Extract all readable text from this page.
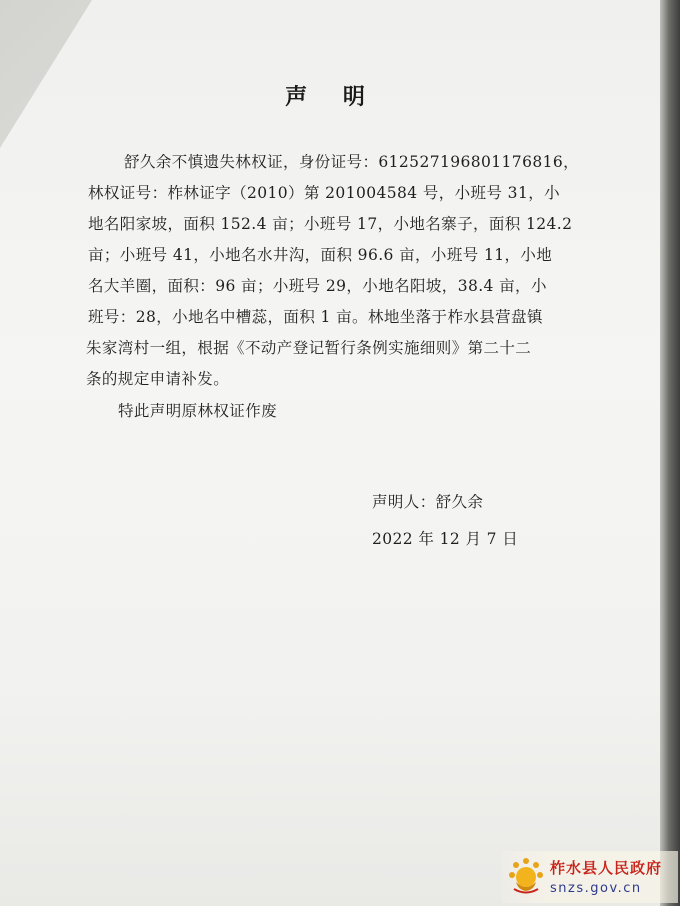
声 明
舒久余不慎遗失林权证，身份证号：612527196801176816，
林权证号：柞林证字（2010）第 201004584 号，小班号 31，小
地名阳家坡，面积 152.4 亩；小班号 17，小地名寨子，面积 124.2
亩；小班号 41，小地名水井沟，面积 96.6 亩，小班号 11，小地
名大羊圈，面积：96 亩；小班号 29，小地名阳坡，38.4 亩，小
班号：28，小地名中槽蕊，面积 1 亩。林地坐落于柞水县营盘镇
朱家湾村一组，根据《不动产登记暂行条例实施细则》第二十二
条的规定申请补发。
特此声明原林权证作废
声明人：舒久余
2022 年 12 月 7 日
柞水县人民政府
snzs.gov.cn
